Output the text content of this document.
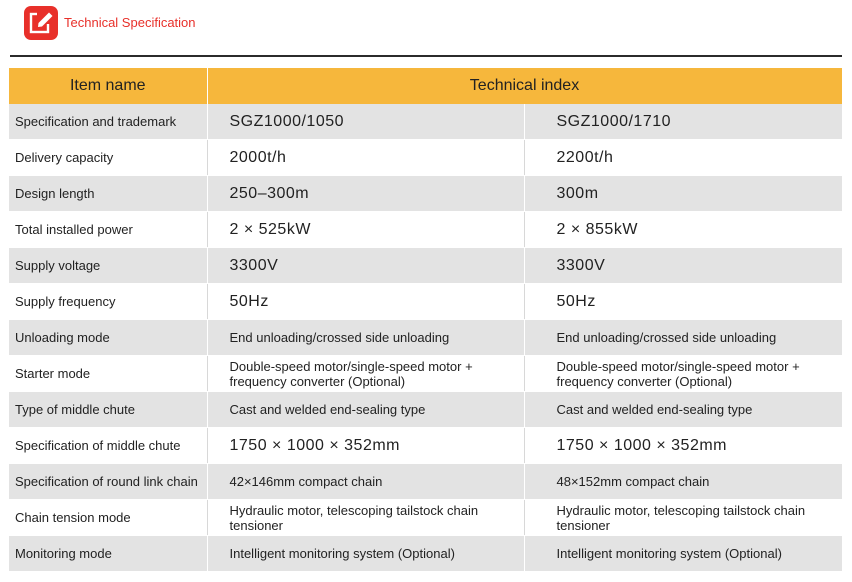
Technical Specification
Item name	Technical index	
Specification and trademark	SGZ1000/1050	SGZ1000/1710
Delivery capacity	2000t/h	2200t/h
Design length	250–300m	300m
Total installed power	2 × 525kW	2 × 855kW
Supply voltage	3300V	3300V
Supply frequency	50Hz	50Hz
Unloading mode	End unloading/crossed side unloading	End unloading/crossed side unloading
Starter mode	Double-speed motor/single-speed motor + frequency converter (Optional)	Double-speed motor/single-speed motor + frequency converter (Optional)
Type of middle chute	Cast and welded end-sealing type	Cast and welded end-sealing type
Specification of middle chute	1750 × 1000 × 352mm	1750 × 1000 × 352mm
Specification of round link chain	42×146mm compact chain	48×152mm compact chain
Chain tension mode	Hydraulic motor, telescoping tailstock chain tensioner	Hydraulic motor, telescoping tailstock chain tensioner
Monitoring mode	Intelligent monitoring system (Optional)	Intelligent monitoring system (Optional)
